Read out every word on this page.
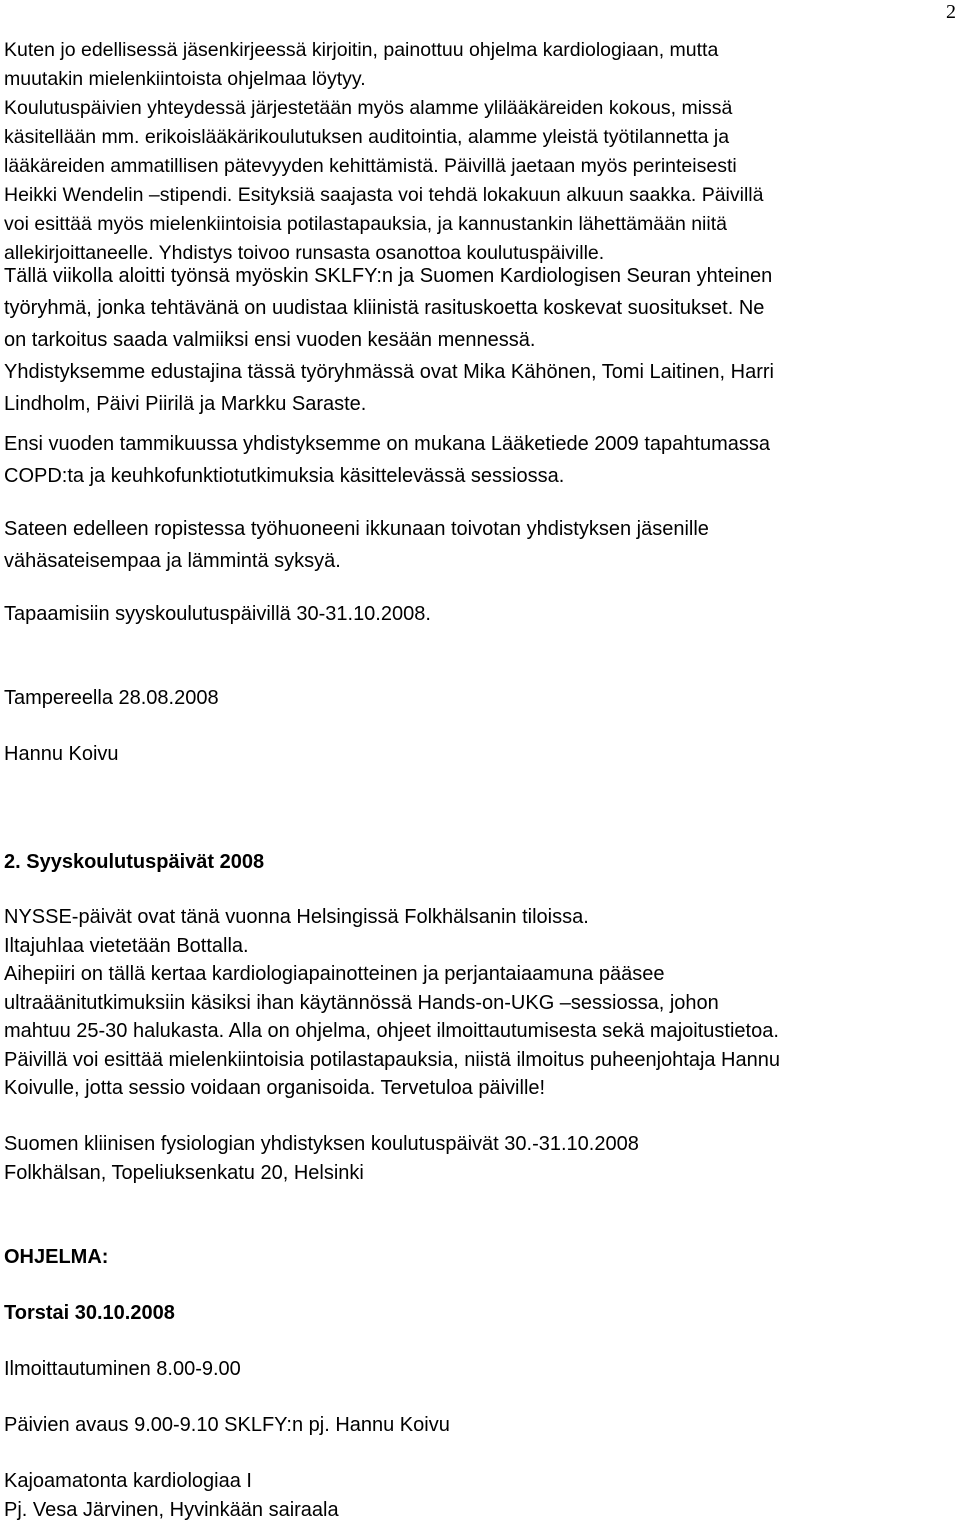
2
Kuten jo edellisessä jäsenkirjeessä kirjoitin, painottuu ohjelma kardiologiaan, mutta
muutakin mielenkiintoista ohjelmaa löytyy.
Koulutuspäivien yhteydessä järjestetään myös alamme ylilääkäreiden kokous, missä
käsitellään mm. erikoislääkärikoulutuksen auditointia, alamme yleistä työtilannetta ja
lääkäreiden ammatillisen pätevyyden kehittämistä. Päivillä jaetaan myös perinteisesti
Heikki Wendelin –stipendi. Esityksiä saajasta voi tehdä lokakuun alkuun saakka. Päivillä
voi esittää myös mielenkiintoisia potilastapauksia, ja kannustankin lähettämään niitä
allekirjoittaneelle. Yhdistys toivoo runsasta osanottoa koulutuspäiville.
Tällä viikolla aloitti työnsä myöskin SKLFY:n ja Suomen Kardiologisen Seuran yhteinen
työryhmä, jonka tehtävänä on uudistaa kliinistä rasituskoetta koskevat suositukset. Ne
on tarkoitus saada valmiiksi ensi vuoden kesään mennessä.
Yhdistyksemme edustajina tässä työryhmässä ovat Mika Kähönen, Tomi Laitinen, Harri
Lindholm, Päivi Piirilä ja Markku Saraste.
Ensi vuoden tammikuussa yhdistyksemme on mukana Lääketiede 2009 tapahtumassa
COPD:ta ja keuhkofunktiotutkimuksia käsittelevässä sessiossa.
Sateen edelleen ropistessa työhuoneeni ikkunaan toivotan yhdistyksen jäsenille
vähäsateisempaa ja lämmintä syksyä.
Tapaamisiin syyskoulutuspäivillä 30-31.10.2008.
Tampereella 28.08.2008
Hannu Koivu
2. Syyskoulutuspäivät 2008
NYSSE-päivät ovat tänä vuonna Helsingissä Folkhälsanin tiloissa.
Iltajuhlaa vietetään Bottalla.
Aihepiiri on tällä kertaa kardiologiapainotteinen ja perjantaiaamuna pääsee
ultraäänitutkimuksiin käsiksi ihan käytännössä Hands-on-UKG –sessiossa, johon
mahtuu 25-30 halukasta. Alla on ohjelma, ohjeet ilmoittautumisesta sekä majoitustietoa.
Päivillä voi esittää mielenkiintoisia potilastapauksia, niistä ilmoitus puheenjohtaja Hannu
Koivulle, jotta sessio voidaan organisoida. Tervetuloa päiville!
Suomen kliinisen fysiologian yhdistyksen koulutuspäivät 30.-31.10.2008
Folkhälsan, Topeliuksenkatu 20, Helsinki
OHJELMA:
Torstai 30.10.2008
Ilmoittautuminen 8.00-9.00
Päivien avaus 9.00-9.10 SKLFY:n pj. Hannu Koivu
Kajoamatonta kardiologiaa I
Pj. Vesa Järvinen, Hyvinkään sairaala
